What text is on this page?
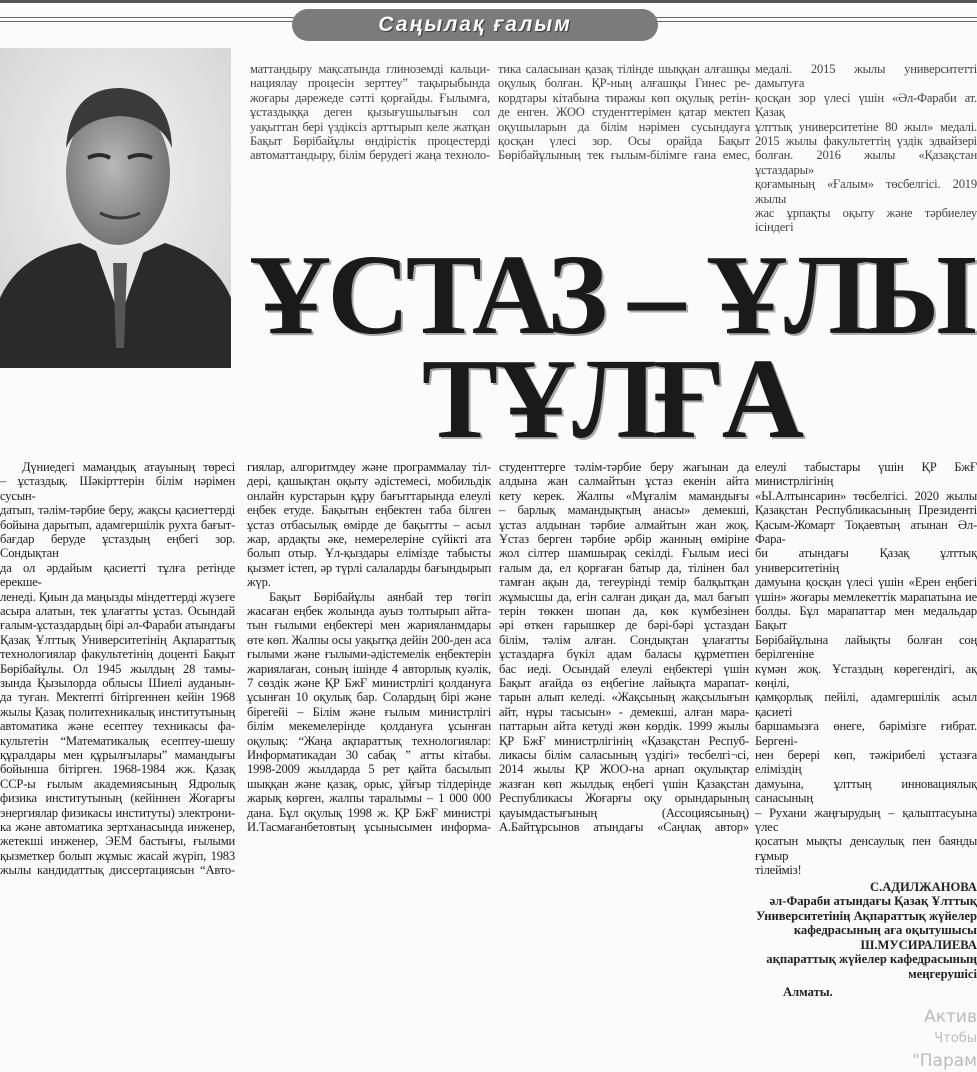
Саңылақ ғалым
маттандыру мақсатында глиноземді кальци-
нациялау процесін зерттеу” тақырыбында
жоғары дәрежеде сәтті қорғайды. Ғылымға,
ұстаздыққа деген қызығушылығын сол
уақыттан бері үздіксіз арттырып келе жатқан
Бақыт Бөрібайұлы өндірістік процестерді
автоматтандыру, білім берудегі жаңа техноло-
тика саласынан қазақ тілінде шыққан алғашқы
оқулық болған. ҚР-ның алғашқы Гинес ре-
кордтары кітабына тиражы көп оқулық ретін-
де енген. ЖОО студенттерімен қатар мектеп
оқушыларын да білім нәрімен сусындауға
қосқан үлесі зор. Осы орайда Бақыт
Бөрібайұлының тек ғылым-білімге ғана емес,
медалі. 2015 жылы университетті дамытуға
қосқан зор үлесі үшін «Әл-Фараби ат. Қазақ
ұлттық университетіне 80 жыл» медалі.
2015 жылы факультеттің үздік эдвайзері
болған. 2016 жылы «Қазақстан ұстаздары»
қоғамының «Ғалым» төсбелгісі. 2019 жылы
жас ұрпақты оқыту және тәрбиелеу ісіндегі
ҰСТАЗ – ҰЛЫ
ТҰЛҒА
Дүниедегі мамандық атауының төресі
– ұстаздық. Шәкірттерін білім нәрімен сусын-
датып, тәлім-тәрбие беру, жақсы қасиеттерді
бойына дарытып, адамгершілік рухта бағыт-
бағдар беруде ұстаздың еңбегі зор. Сондықтан
да ол әрдайым қасиетті тұлға ретінде ерекше-
ленеді. Қиын да маңызды міндеттерді жүзеге
асыра алатын, тек ұлағатты ұстаз. Осындай
ғалым-ұстаздардың бірі әл-Фараби атындағы
Қазақ Ұлттық Университетінің Ақпараттық
технологиялар факультетінің доценті Бақыт
Бөрібайұлы. Ол 1945 жылдың 28 тамы-
зында Қызылорда облысы Шиелі ауданын-
да туған. Мектепті бітіргеннен кейін 1968
жылы Қазақ политехникалық институтының
автоматика және есептеу техникасы фа-
культетін “Математикалық есептеу-шешу
құралдары мен құрылғылары” мамандығы
бойынша бітірген. 1968-1984 жж. Қазақ
ССР-ы ғылым академиясының Ядролық
физика институтының (кейіннен Жоғарғы
энергиялар физикасы институты) электрони-
ка және автоматика зертханасында инженер,
жетекші инженер, ЭЕМ бастығы, ғылыми
қызметкер болып жұмыс жасай жүріп, 1983
жылы кандидаттық диссертациясын “Авто-
гиялар, алгоритмдеу және программалау тіл-
дері, қашықтан оқыту әдістемесі, мобильдік
онлайн курстарын құру бағыттарында елеулі
еңбек етуде. Бақытын еңбектен таба білген
ұстаз отбасылық өмірде де бақытты – асыл
жар, ардақты әке, немерелеріне сүйікті ата
болып отыр. Ұл-қыздары елімізде табысты
қызмет істеп, әр түрлі салаларды бағындырып
жүр.
Бақыт Бөрібайұлы аянбай тер төгіп
жасаған еңбек жолында ауыз толтырып айта-
тын ғылыми еңбектері мен жарияланмдары
өте көп. Жалпы осы уақытқа дейін 200-ден аса
ғылыми және ғылыми-әдістемелік еңбектерін
жариялаған, соның ішінде 4 авторлық куәлік,
7 сөздік және ҚР БжҒ министрлігі қолдануға
ұсынған 10 оқулық бар. Солардың бірі және
бірегейі – Білім және ғылым министрлігі
білім мекемелерінде қолдануға ұсынған
оқулық: “Жаңа ақпараттық технологиялар:
Информатикадан 30 сабақ ” атты кітабы.
1998-2009 жылдарда 5 рет қайта басылып
шыққан және қазақ, орыс, ұйғыр тілдерінде
жарық көрген, жалпы таралымы – 1 000 000
дана. Бұл оқулық 1998 ж. ҚР БжҒ министрі
И.Тасмағанбетовтың ұсынысымен информа-
студенттерге тәлім-тәрбие беру жағынан да
алдына жан салмайтын ұстаз екенін айта
кету керек. Жалпы «Мұғалім мамандығы
– барлық мамандықтың анасы» демекші,
ұстаз алдынан тәрбие алмайтын жан жоқ.
Ұстаз берген тәрбие әрбір жанның өміріне
жол сілтер шамшырақ секілді. Ғылым иесі
ғалым да, ел қорғаған батыр да, тілінен бал
тамған ақын да, тегеурінді темір балқытқан
жұмысшы да, егін салған диқан да, мал бағып
терін төккен шопан да, көк күмбезінен
әрі өткен ғарышкер де бәрі-бәрі ұстаздан
білім, тәлім алған. Сондықтан ұлағатты
ұстаздарға бүкіл адам баласы құрметпен
бас иеді. Осындай елеулі еңбектері үшін
Бақыт ағайда өз еңбегіне лайықта марапат-
тарын алып келеді. «Жақсының жақсылығын
айт, нұры тасысын» - демекші, алған мара-
паттарын айта кетуді жөн көрдік. 1999 жылы
ҚР БжҒ министрлігінің «Қазақстан Респуб-
ликасы білім саласының үздігі» төсбелгі¬сі,
2014 жылы ҚР ЖОО-на арнап оқулықтар
жазған көп жылдық еңбегі үшін Қазақстан
Республикасы Жоғарғы оқу орындарының
қауымдастығының (Ассоциясының)
А.Байтұрсынов атындағы «Саңлақ автор»
елеулі табыстары үшін ҚР БжҒ министрлігінің
«Ы.Алтынсарин» төсбелгісі. 2020 жылы
Қазақстан Республикасының Президенті
Қасым-Жомарт Тоқаевтың атынан Әл-Фара-
би атындағы Қазақ ұлттық университетінің
дамуына қосқан үлесі үшін «Ерен еңбегі
үшін» жоғары мемлекеттік марапатына ие
болды. Бұл марапаттар мен медальдар Бақыт
Бөрібайұлына лайықты болған соң берілгеніне
күмән жоқ. Ұстаздың көрегендігі, ақ көңілі,
қамқорлық пейілі, адамгершілік асыл қасиеті
баршамызға өнеге, бәрімізге ғибрат. Бергені-
нен берері көп, тәжірибелі ұстазға еліміздің
дамуына, ұлттың инновациялық санасының
– Рухани жаңғырудың – қалыптасуына үлес
қосатын мықты денсаулық пен баянды ғұмыр
тілеймiз!
С.АДИЛЖАНОВА
әл-Фараби атындағы Қазақ Ұлттық
Университетінің Ақпараттық жүйелер
кафедрасының аға оқытушысы
Ш.МУСИРАЛИЕВА
ақпараттық жүйелер кафедрасының
меңгерушісі
Алматы.
Актив
Чтобы
"Парам
